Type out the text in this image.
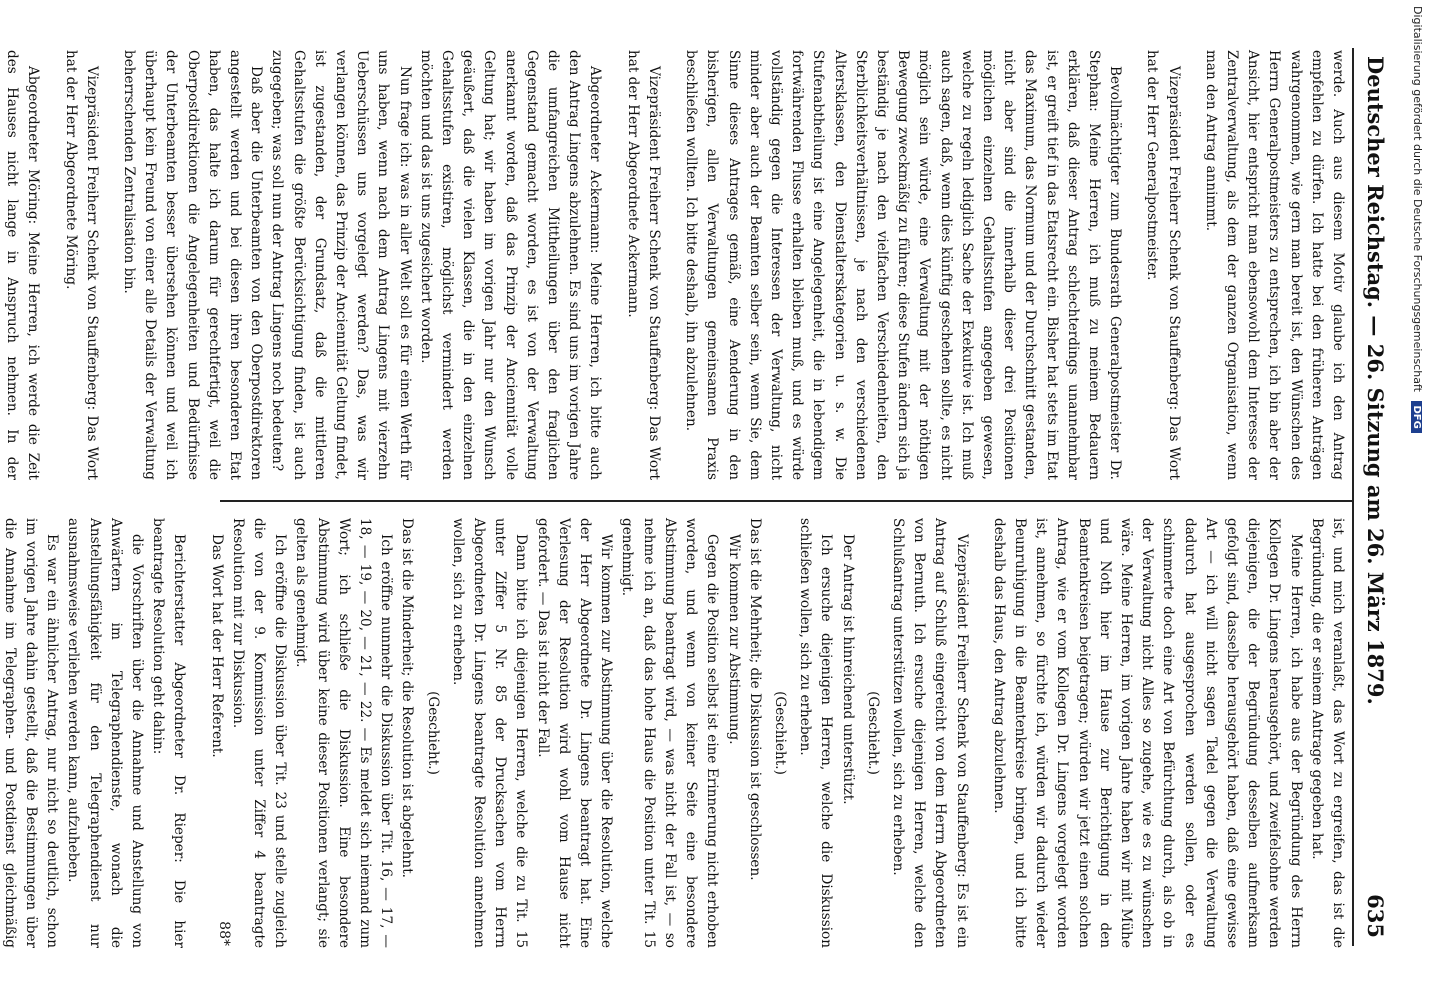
Deutscher Reichstag. — 26. Sitzung am 26. März 1879.
635

werde. Auch aus diesem Motiv glaube ich den Antrag empfehlen zu dürfen. Ich hatte bei den früheren Anträgen wahrgenommen, wie gern man bereit ist, den Wünschen des Herrn Generalpostmeisters zu entsprechen, ich bin aber der Ansicht, hier entspricht man ebensowohl dem Interesse der Zentralverwaltung, als dem der ganzen Organisation, wenn man den Antrag annimmt.

Vizepräsident Freiherr Schenk von Stauffenberg: Das Wort hat der Herr Generalpostmeister.

Bevollmächtigter zum Bundesrath Generalpostmeister Dr. Stephan: Meine Herren, ich muß zu meinem Bedauern erklären, daß dieser Antrag schlechterdings unannehmbar ist, er greift tief in das Etatsrecht ein. Bisher hat stets im Etat das Maximum, das Normum und der Durchschnitt gestanden, nicht aber sind die innerhalb dieser drei Positionen möglichen einzelnen Gehaltsstufen angegeben gewesen, welche zu regeln lediglich Sache der Exekutive ist. Ich muß auch sagen, daß, wenn dies künftig geschehen sollte, es nicht möglich sein würde, eine Verwaltung mit der nöthigen Bewegung zweckmäßig zu führen; diese Stufen ändern sich ja beständig je nach den vielfachen Verschiedenheiten, den Sterblichkeitsverhältnissen, je nach den verschiedenen Altersklassen, den Dienstalterskategorien u. s. w. Die Stufenabtheilung ist eine Angelegenheit, die in lebendigem fortwährenden Flusse erhalten bleiben muß, und es würde vollständig gegen die Interessen der Verwaltung, nicht minder aber auch der Beamten selber sein, wenn Sie, dem Sinne dieses Antrages gemäß, eine Aenderung in den bisherigen, allen Verwaltungen gemeinsamen Praxis beschließen wollten. Ich bitte deshalb, ihn abzulehnen.

Vizepräsident Freiherr Schenk von Stauffenberg: Das Wort hat der Herr Abgeordnete Ackermann.

Abgeordneter Ackermann: Meine Herren, ich bitte auch den Antrag Lingens abzulehnen. Es sind uns im vorigen Jahre die umfangreichen Mittheilungen über den fraglichen Gegenstand gemacht worden, es ist von der Verwaltung anerkannt worden, daß das Prinzip der Anciennität volle Geltung hat; wir haben im vorigen Jahr nur den Wunsch geäußert, daß die vielen Klassen, die in den einzelnen Gehaltsstufen existiren, möglichst vermindert werden möchten und das ist uns zugesichert worden.

Nun frage ich: was in aller Welt soll es für einen Werth für uns haben, wenn nach dem Antrag Lingens mit vierzehn Ueberschüssen uns vorgelegt werden? Das, was wir verlangen können, das Prinzip der Anciennität Geltung findet, ist zugestanden, der Grundsatz, daß die mittleren Gehaltsstufen die größte Berücksichtigung finden, ist auch zugegeben; was soll nun der Antrag Lingens noch bedeuten?

Daß aber die Unterbeamten von den Oberpostdirektoren angestellt werden und bei diesen ihren besonderen Etat haben, das halte ich darum für gerechtfertigt, weil die Oberpostdirektionen die Angelegenheiten und Bedürfnisse der Unterbeamten besser übersehen können und weil ich überhaupt kein Freund von einer alle Details der Verwaltung beherrschenden Zentralisation bin.

Vizepräsident Freiherr Schenk von Stauffenberg: Das Wort hat der Herr Abgeordnete Möring.

Abgeordneter Möring: Meine Herren, ich werde die Zeit des Hauses nicht lange in Anspruch nehmen. In der

ist, und mich veranlaßt, das Wort zu ergreifen, das ist die Begründung, die er seinem Antrage gegeben hat.

Meine Herren, ich habe aus der Begründung des Herrn Kollegen Dr. Lingens herausgehört, und zweifelsohne werden diejenigen, die der Begründung desselben aufmerksam gefolgt sind, dasselbe herausgehört haben, daß eine gewisse Art — ich will nicht sagen Tadel gegen die Verwaltung dadurch hat ausgesprochen werden sollen, oder es schimmerte doch eine Art von Befürchtung durch, als ob in der Verwaltung nicht Alles so zugehe, wie es zu wünschen wäre. Meine Herren, im vorigen Jahre haben wir mit Mühe und Noth hier im Hause zur Berichtigung in den Beamtenkreisen beigetragen; würden wir jetzt einen solchen Antrag, wie er vom Kollegen Dr. Lingens vorgelegt worden ist, annehmen, so fürchte ich, würden wir dadurch wieder Beunruhigung in die Beamtenkreise bringen, und ich bitte deshalb das Haus, den Antrag abzulehnen.

Vizepräsident Freiherr Schenk von Stauffenberg: Es ist ein Antrag auf Schluß eingereicht von dem Herrn Abgeordneten von Bernuth. Ich ersuche diejenigen Herren, welche den Schlußantrag unterstützen wollen, sich zu erheben.

(Geschieht.)

Der Antrag ist hinreichend unterstützt.

Ich ersuche diejenigen Herren, welche die Diskussion schließen wollen, sich zu erheben.

(Geschieht.)

Das ist die Mehrheit; die Diskussion ist geschlossen.

Wir kommen zur Abstimmung.

Gegen die Position selbst ist eine Erinnerung nicht erhoben worden, und wenn von keiner Seite eine besondere Abstimmung beantragt wird, — was nicht der Fall ist, — so nehme ich an, daß das hohe Haus die Position unter Tit. 15 genehmigt.

Wir kommen zur Abstimmung über die Resolution, welche der Herr Abgeordnete Dr. Lingens beantragt hat. Eine Verlesung der Resolution wird wohl vom Hause nicht gefordert. — Das ist nicht der Fall.

Dann bitte ich diejenigen Herren, welche die zu Tit. 15 unter Ziffer 5 Nr. 85 der Drucksachen vom Herrn Abgeordneten Dr. Lingens beantragte Resolution annehmen wollen, sich zu erheben.

(Geschieht.)

Das ist die Minderheit; die Resolution ist abgelehnt.

Ich eröffne nunmehr die Diskussion über Tit. 16, — 17, — 18, — 19, — 20, — 21, — 22. — Es meldet sich niemand zum Wort; ich schließe die Diskussion. Eine besondere Abstimmung wird über keine dieser Positionen verlangt; sie gelten als genehmigt.

Ich eröffne die Diskussion über Tit. 23 und stelle zugleich die von der 9. Kommission unter Ziffer 4 beantragte Resolution mit zur Diskussion.

Das Wort hat der Herr Referent.

Berichterstatter Abgeordneter Dr. Rieper: Die hier beantragte Resolution geht dahin:

die Vorschriften über die Annahme und Anstellung von Anwärtern im Telegraphendienste, wonach die Anstellungsfähigkeit für den Telegraphendienst nur ausnahmsweise verliehen werden kann, aufzuheben.

Es war ein ähnlicher Antrag, nur nicht so deutlich, schon im vorigen Jahre dahin gestellt, daß die Bestimmungen über die Annahme im Telegraphen- und Postdienst gleichmäßig	88*
Digitalisierung gefördert durch die Deutsche Forschungsgemeinschaft DFG
